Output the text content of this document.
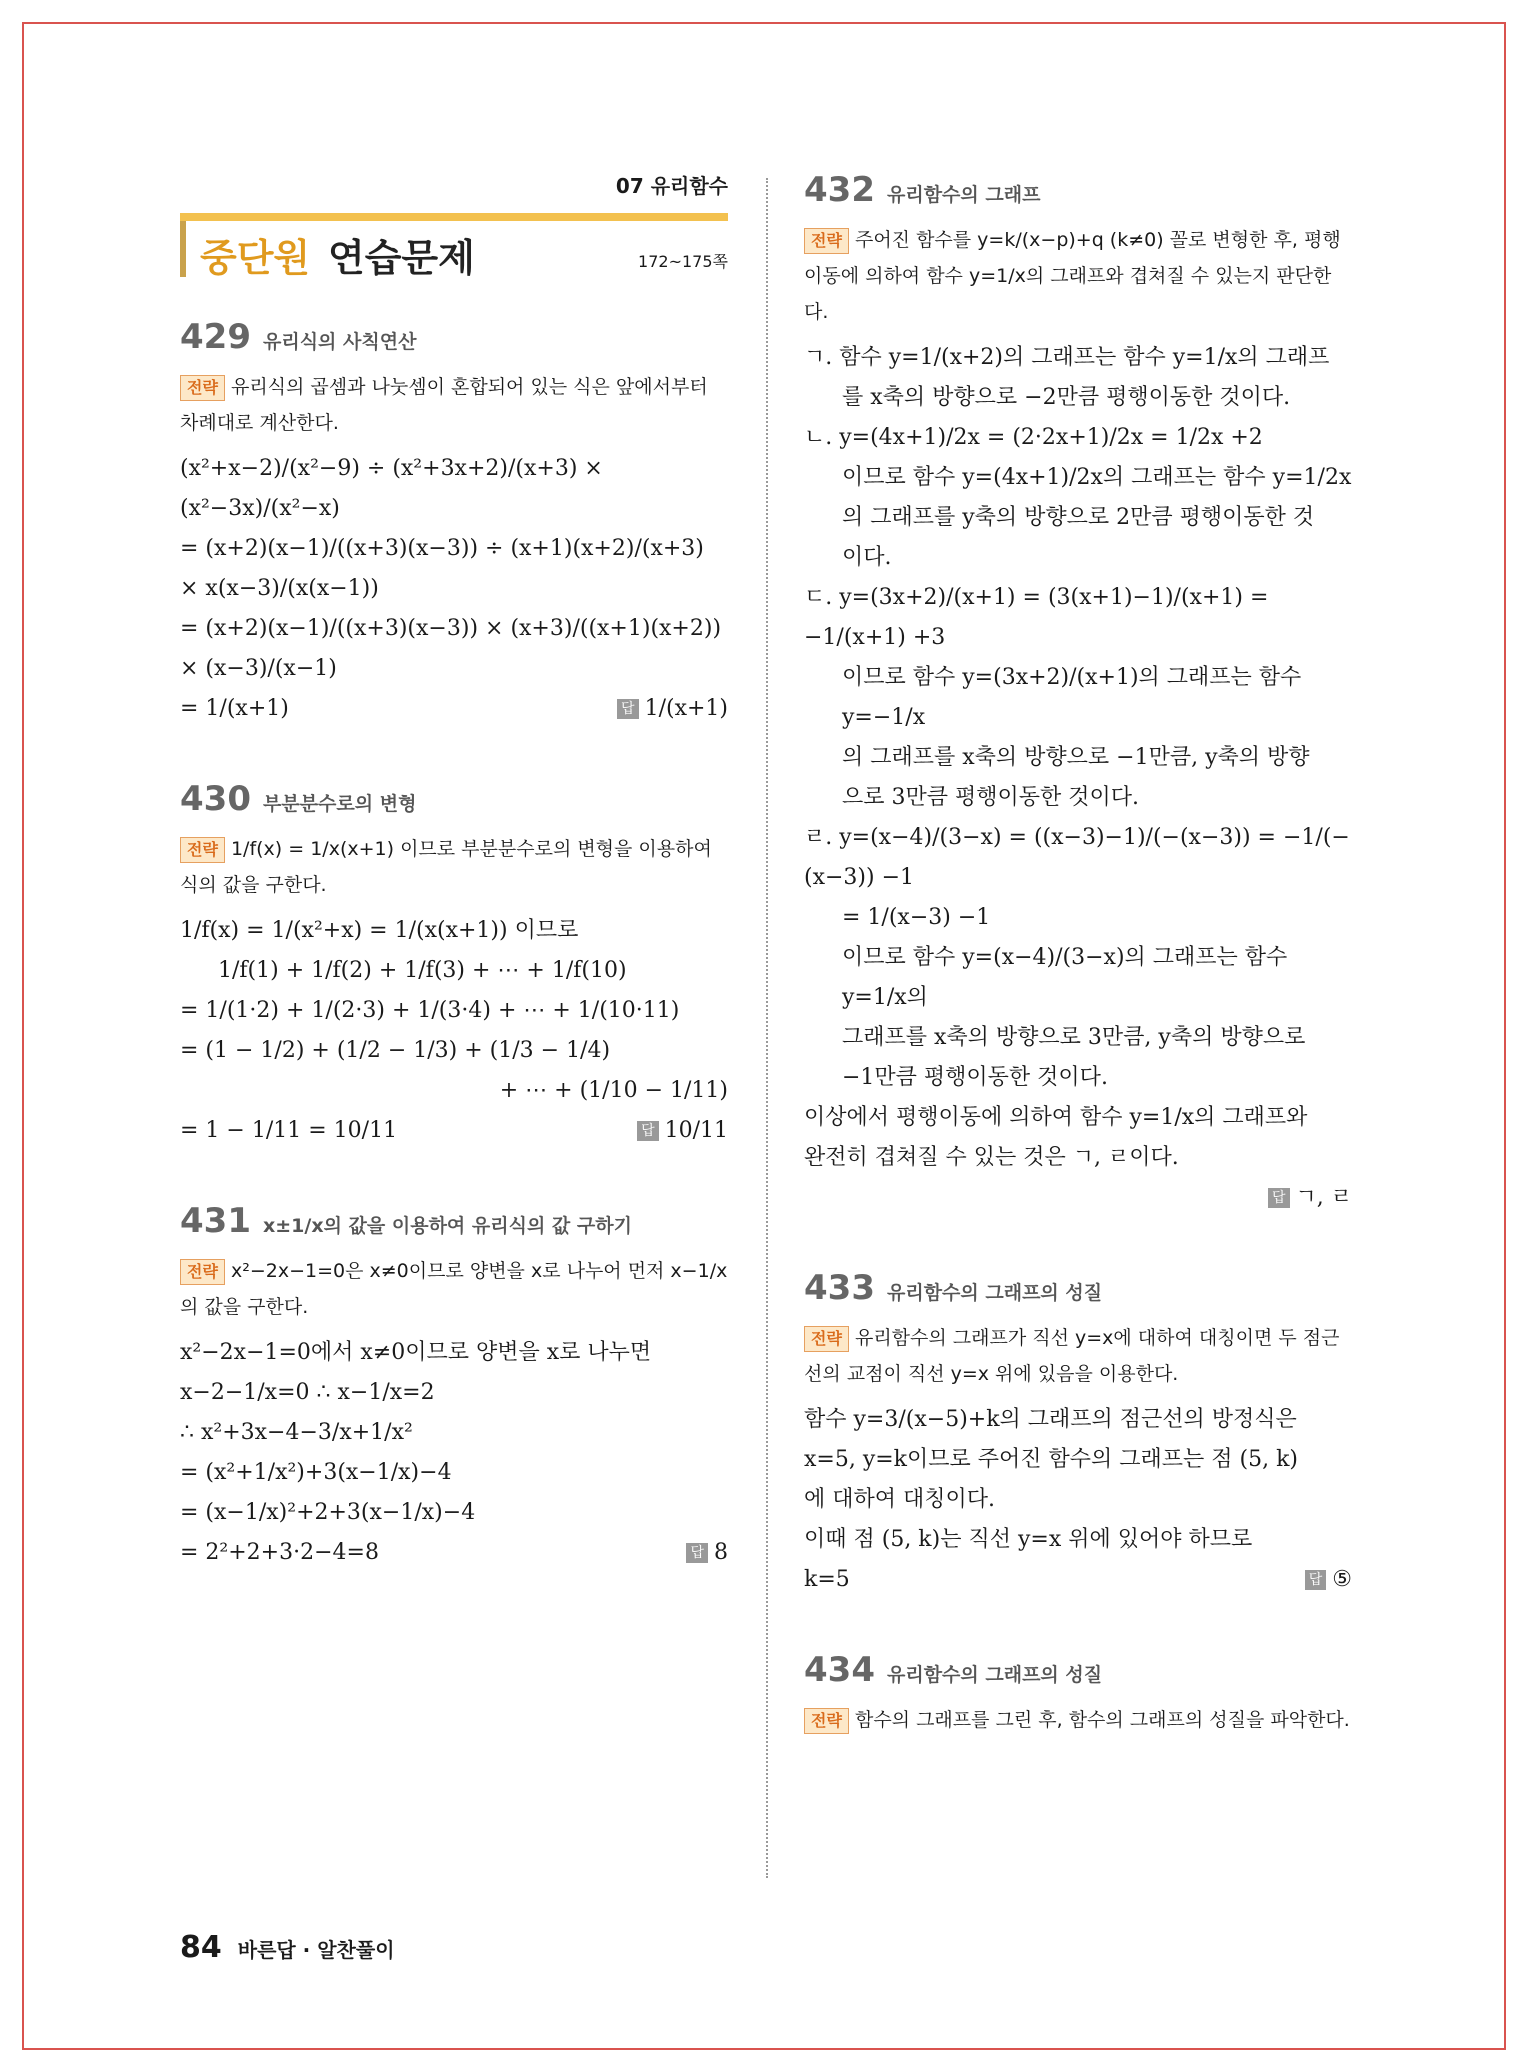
07 유리함수
중단원 연습문제	172~175쪽
429 유리식의 사칙연산
전략 유리식의 곱셈과 나눗셈이 혼합되어 있는 식은 앞에서부터 차례대로 계산한다.
(x²+x−2)/(x²−9) ÷ (x²+3x+2)/(x+3) × (x²−3x)/(x²−x)
= (x+2)(x−1)/((x+3)(x−3)) ÷ (x+1)(x+2)/(x+3) × x(x−3)/(x(x−1))
= (x+2)(x−1)/((x+3)(x−3)) × (x+3)/((x+1)(x+2)) × (x−3)/(x−1)
= 1/(x+1)	답 1/(x+1)
430 부분분수로의 변형
전략 1/f(x) = 1/x(x+1) 이므로 부분분수로의 변형을 이용하여 식의 값을 구한다.
1/f(x) = 1/(x²+x) = 1/(x(x+1)) 이므로
1/f(1) + 1/f(2) + 1/f(3) + ⋯ + 1/f(10)
= 1/(1·2) + 1/(2·3) + 1/(3·4) + ⋯ + 1/(10·11)
= (1 − 1/2) + (1/2 − 1/3) + (1/3 − 1/4)
+ ⋯ + (1/10 − 1/11)
= 1 − 1/11 = 10/11	답 10/11
431 x±1/x의 값을 이용하여 유리식의 값 구하기
전략 x²−2x−1=0은 x≠0이므로 양변을 x로 나누어 먼저 x−1/x의 값을 구한다.
x²−2x−1=0에서 x≠0이므로 양변을 x로 나누면
x−2−1/x=0 ∴ x−1/x=2
∴ x²+3x−4−3/x+1/x²
= (x²+1/x²)+3(x−1/x)−4
= (x−1/x)²+2+3(x−1/x)−4
= 2²+2+3·2−4=8	답 8
432 유리함수의 그래프
전략 주어진 함수를 y=k/(x−p)+q (k≠0) 꼴로 변형한 후, 평행이동에 의하여 함수 y=1/x의 그래프와 겹쳐질 수 있는지 판단한다.
ㄱ. 함수 y=1/(x+2)의 그래프는 함수 y=1/x의 그래프
를 x축의 방향으로 −2만큼 평행이동한 것이다.
ㄴ. y=(4x+1)/2x = (2·2x+1)/2x = 1/2x +2
이므로 함수 y=(4x+1)/2x의 그래프는 함수 y=1/2x
의 그래프를 y축의 방향으로 2만큼 평행이동한 것
이다.
ㄷ. y=(3x+2)/(x+1) = (3(x+1)−1)/(x+1) = −1/(x+1) +3
이므로 함수 y=(3x+2)/(x+1)의 그래프는 함수 y=−1/x
의 그래프를 x축의 방향으로 −1만큼, y축의 방향
으로 3만큼 평행이동한 것이다.
ㄹ. y=(x−4)/(3−x) = ((x−3)−1)/(−(x−3)) = −1/(−(x−3)) −1
= 1/(x−3) −1
이므로 함수 y=(x−4)/(3−x)의 그래프는 함수 y=1/x의
그래프를 x축의 방향으로 3만큼, y축의 방향으로
−1만큼 평행이동한 것이다.
이상에서 평행이동에 의하여 함수 y=1/x의 그래프와
완전히 겹쳐질 수 있는 것은 ㄱ, ㄹ이다.
답 ㄱ, ㄹ
433 유리함수의 그래프의 성질
전략 유리함수의 그래프가 직선 y=x에 대하여 대칭이면 두 점근선의 교점이 직선 y=x 위에 있음을 이용한다.
함수 y=3/(x−5)+k의 그래프의 점근선의 방정식은
x=5, y=k이므로 주어진 함수의 그래프는 점 (5, k)
에 대하여 대칭이다.
이때 점 (5, k)는 직선 y=x 위에 있어야 하므로
k=5	답 ⑤
434 유리함수의 그래프의 성질
전략 함수의 그래프를 그린 후, 함수의 그래프의 성질을 파악한다.
84 바른답 · 알찬풀이
